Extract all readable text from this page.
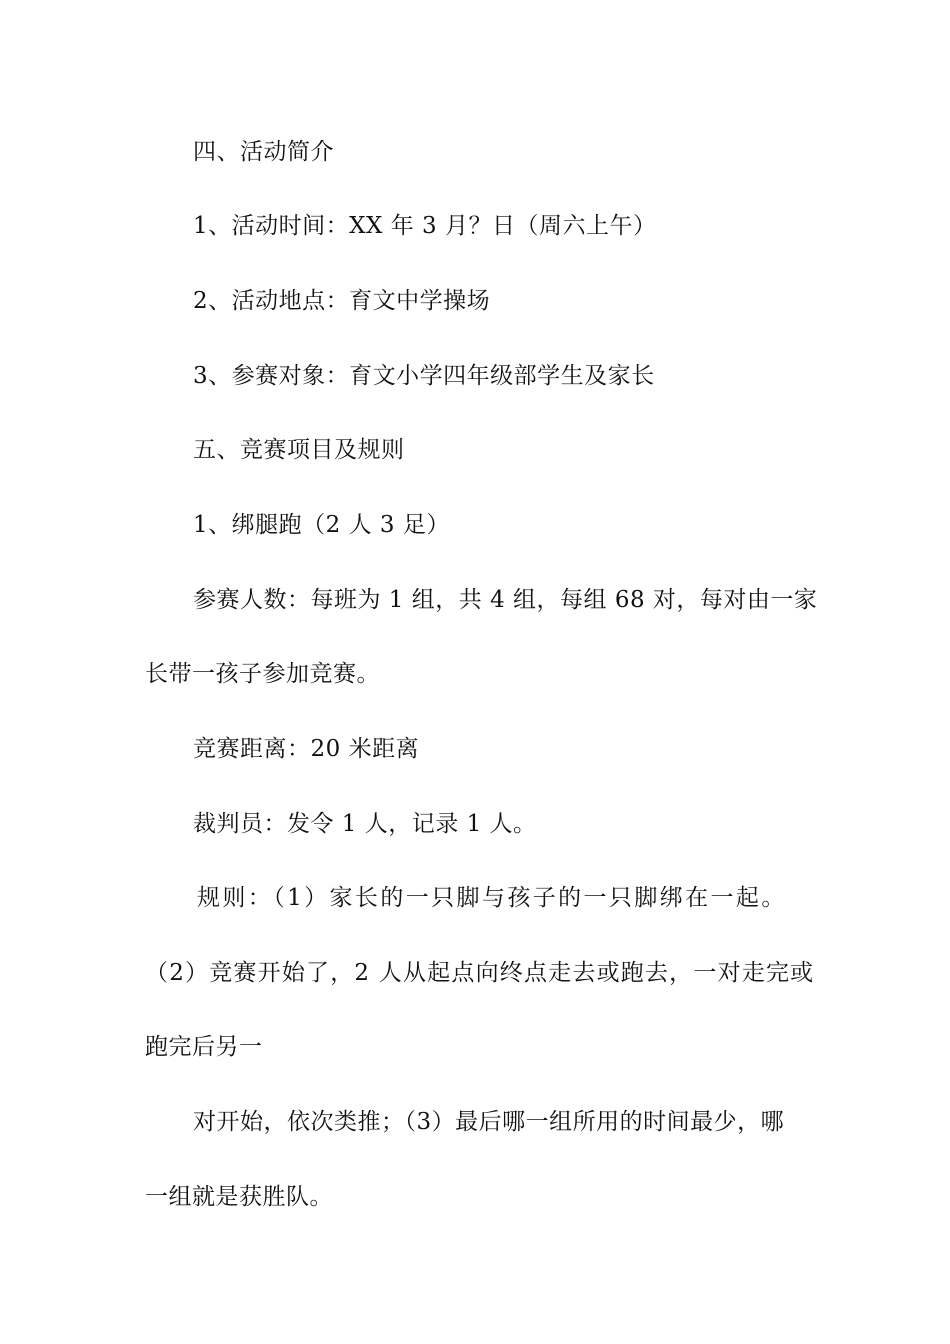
四、活动简介
1、活动时间：XX 年 3 月？日（周六上午）
2、活动地点：育文中学操场
3、参赛对象：育文小学四年级部学生及家长
五、竞赛项目及规则
1、绑腿跑（2 人 3 足）
参赛人数：每班为 1 组，共 4 组，每组 68 对，每对由一家
长带一孩子参加竞赛。
竞赛距离：20 米距离
裁判员：发令 1 人，记录 1 人。
规则：（1）家长的一只脚与孩子的一只脚绑在一起。
（2）竞赛开始了，2 人从起点向终点走去或跑去，一对走完或
跑完后另一
对开始，依次类推；（3）最后哪一组所用的时间最少，哪
一组就是获胜队。
